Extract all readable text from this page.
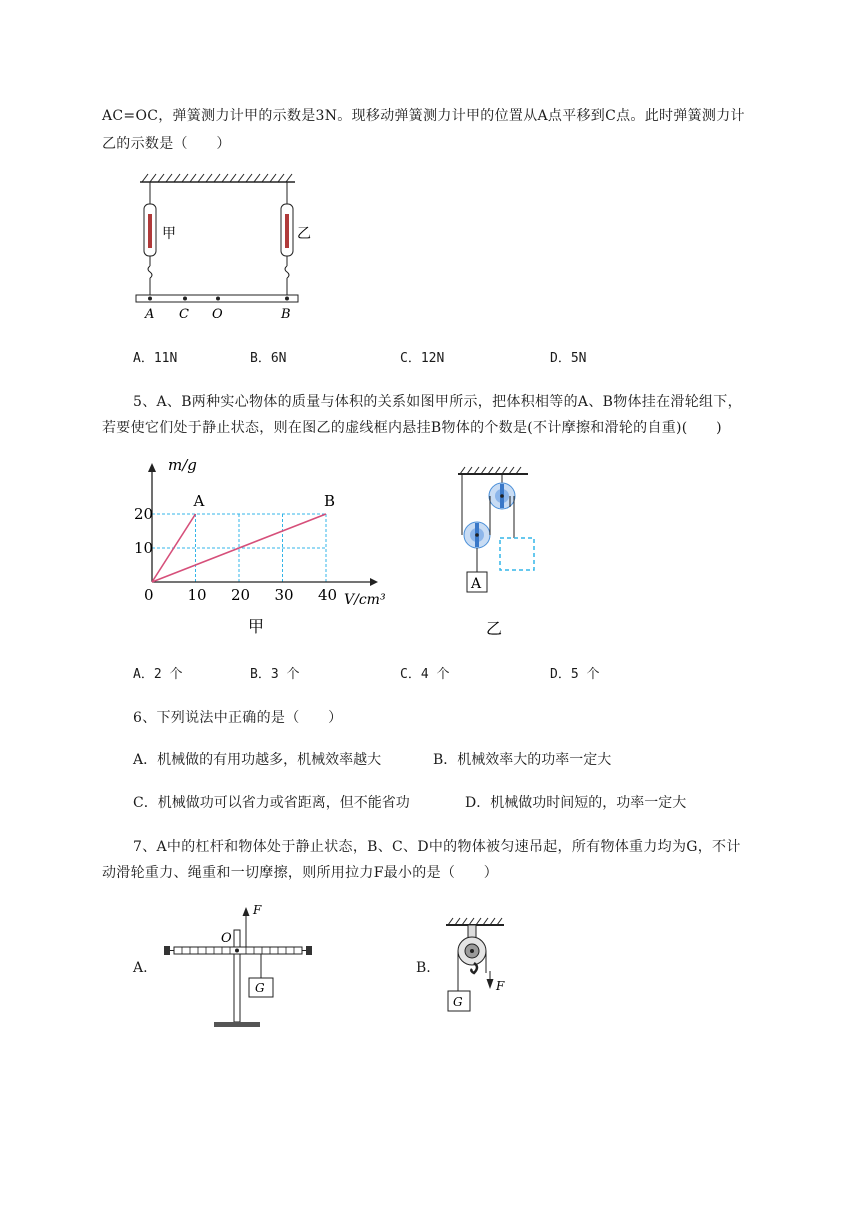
AC=OC，弹簧测力计甲的示数是3N。现移动弹簧测力计甲的位置从A点平移到C点。此时弹簧测力计
乙的示数是（　　）
甲	乙
A C O	B
A．11N	B．6N	C．12N	D．5N
5、A、B两种实心物体的质量与体积的关系如图甲所示，把体积相等的A、B物体挂在滑轮组下，
若要使它们处于静止状态，则在图乙的虚线框内悬挂B物体的个数是(不计摩擦和滑轮的自重)(　　)
10 20 30 40
10
20
0	V/cm³
m/g
A	B
甲
A
乙
A．2 个	B．3 个	C．4 个	D．5 个
6、下列说法中正确的是（　　）
A．机械做的有用功越多，机械效率越大	B．机械效率大的功率一定大
C．机械做功可以省力或省距离，但不能省功	D．机械做功时间短的，功率一定大
7、A中的杠杆和物体处于静止状态，B、C、D中的物体被匀速吊起，所有物体重力均为G，不计
动滑轮重力、绳重和一切摩擦，则所用拉力F最小的是（　　）
A.
O
F
G
B.
F
G
